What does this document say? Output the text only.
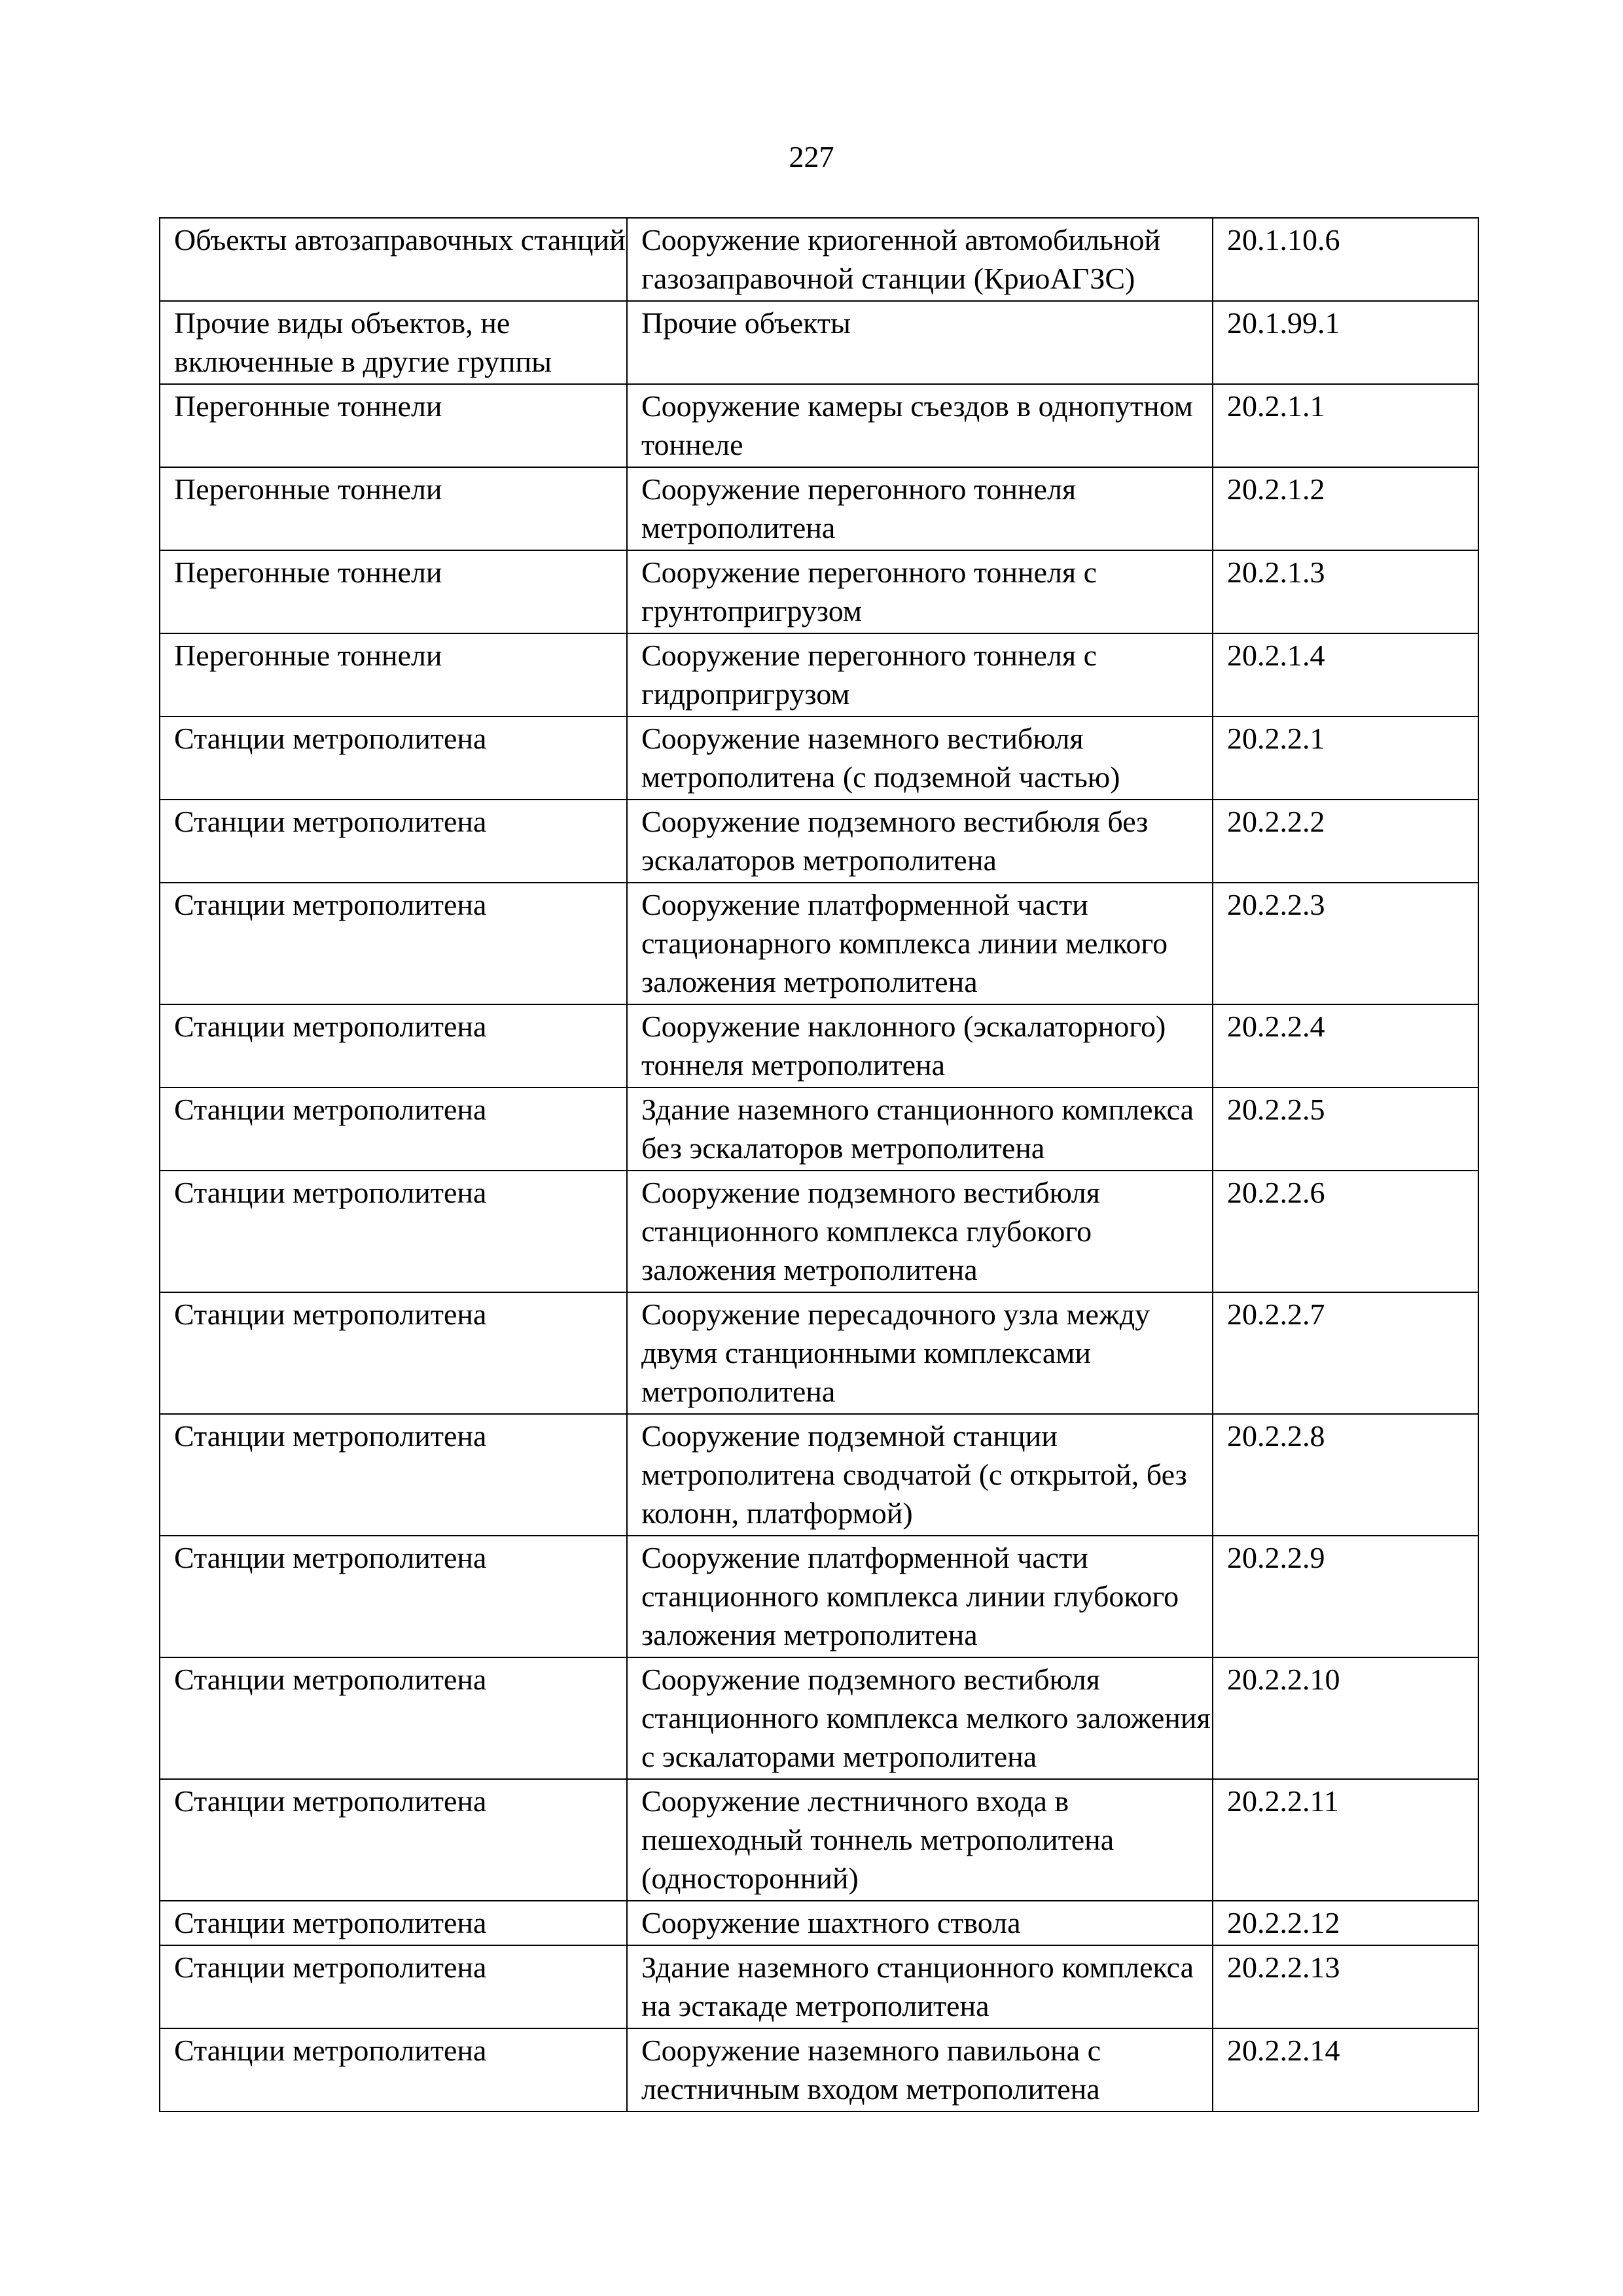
227
Объекты автозаправочных станций	Сооружение криогенной автомобильной газозаправочной станции (КриоАГЗС)	20.1.10.6
Прочие виды объектов, не включенные в другие группы	Прочие объекты	20.1.99.1
Перегонные тоннели	Сооружение камеры съездов в однопутном тоннеле	20.2.1.1
Перегонные тоннели	Сооружение перегонного тоннеля метрополитена	20.2.1.2
Перегонные тоннели	Сооружение перегонного тоннеля с грунтопригрузом	20.2.1.3
Перегонные тоннели	Сооружение перегонного тоннеля с гидропригрузом	20.2.1.4
Станции метрополитена	Сооружение наземного вестибюля метрополитена (с подземной частью)	20.2.2.1
Станции метрополитена	Сооружение подземного вестибюля без эскалаторов метрополитена	20.2.2.2
Станции метрополитена	Сооружение платформенной части стационарного комплекса линии мелкого заложения метрополитена	20.2.2.3
Станции метрополитена	Сооружение наклонного (эскалаторного) тоннеля метрополитена	20.2.2.4
Станции метрополитена	Здание наземного станционного комплекса без эскалаторов метрополитена	20.2.2.5
Станции метрополитена	Сооружение подземного вестибюля станционного комплекса глубокого заложения метрополитена	20.2.2.6
Станции метрополитена	Сооружение пересадочного узла между двумя станционными комплексами метрополитена	20.2.2.7
Станции метрополитена	Сооружение подземной станции метрополитена сводчатой (с открытой, без колонн, платформой)	20.2.2.8
Станции метрополитена	Сооружение платформенной части станционного комплекса линии глубокого заложения метрополитена	20.2.2.9
Станции метрополитена	Сооружение подземного вестибюля станционного комплекса мелкого заложения с эскалаторами метрополитена	20.2.2.10
Станции метрополитена	Сооружение лестничного входа в пешеходный тоннель метрополитена (односторонний)	20.2.2.11
Станции метрополитена	Сооружение шахтного ствола	20.2.2.12
Станции метрополитена	Здание наземного станционного комплекса на эстакаде метрополитена	20.2.2.13
Станции метрополитена	Сооружение наземного павильона с лестничным входом метрополитена	20.2.2.14
